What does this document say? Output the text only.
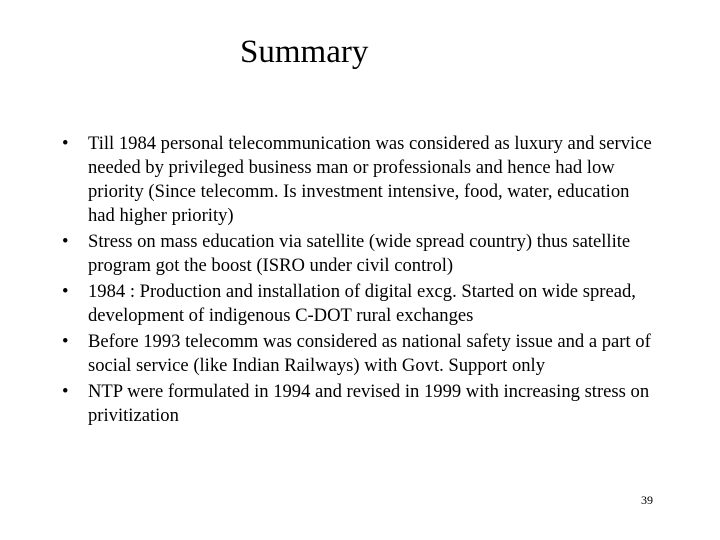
Summary
•	Till 1984 personal telecommunication was considered as luxury and service needed by privileged business man or professionals and hence had low priority (Since telecomm. Is investment intensive, food, water, education had higher priority)
•	Stress on mass education via satellite (wide spread country) thus satellite program got the boost (ISRO under civil control)
•	1984 : Production and installation of digital excg. Started on wide spread, development of indigenous C-DOT rural exchanges
•	Before 1993 telecomm was considered as national safety issue and a part of social service (like Indian Railways) with Govt. Support only
•	NTP were formulated in 1994 and revised in 1999 with increasing stress on privitization
39
